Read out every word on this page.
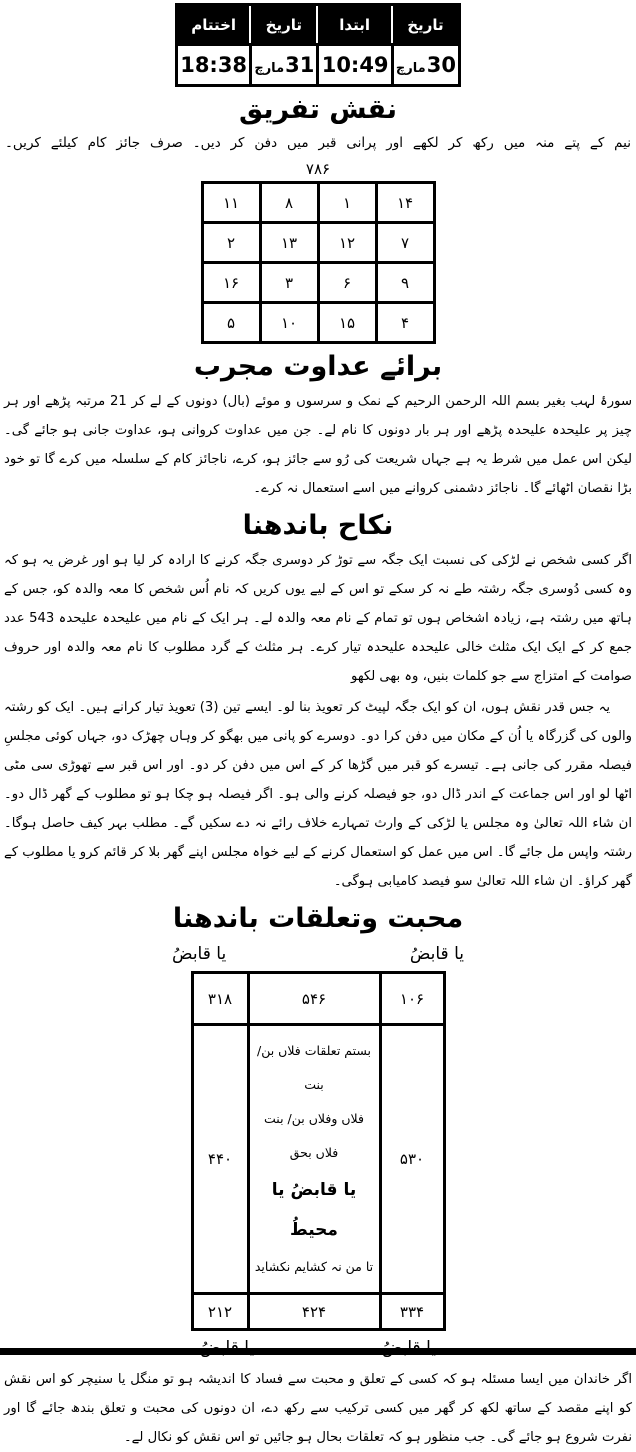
تاریخ	ابتدا	تاریخ	اختتام
30مارچ	10:49	31مارچ	18:38
نقش تفریق
نیم کے پتے منہ میں رکھ کر لکھے اور پرانی قبر میں دفن کر دیں۔ صرف جائز کام کیلئے کریں۔
۷۸۶
۱۴	۱	۸	۱۱
۷	۱۲	۱۳	۲
۹	۶	۳	۱۶
۴	۱۵	۱۰	۵
برائے عداوت مجرب

سورۂ لہب بغیر بسم اللہ الرحمن الرحیم کے نمک و سرسوں و موئے (بال) دونوں کے لے کر 21 مرتبہ پڑھے اور ہر چیز پر علیحدہ علیحدہ پڑھے اور ہر بار دونوں کا نام لے۔ جن میں عداوت کروانی ہو، عداوت جانی ہو جائے گی۔ لیکن اس عمل میں شرط یہ ہے جہاں شریعت کی رُو سے جائز ہو، کرے، ناجائز کام کے سلسلہ میں کرے گا تو خود بڑا نقصان اٹھائے گا۔ ناجائز دشمنی کروانے میں اسے استعمال نہ کرے۔

نکاح باندھنا

اگر کسی شخص نے لڑکی کی نسبت ایک جگہ سے توڑ کر دوسری جگہ کرنے کا ارادہ کر لیا ہو اور غرض یہ ہو کہ وہ کسی دُوسری جگہ رشتہ طے نہ کر سکے تو اس کے لیے یوں کریں کہ نام اُس شخص کا معہ والدہ کو، جس کے ہاتھ میں رشتہ ہے، زیادہ اشخاص ہوں تو تمام کے نام معہ والدہ لے۔ ہر ایک کے نام میں علیحدہ علیحدہ 543 عدد جمع کر کے ایک ایک مثلث خالی علیحدہ علیحدہ تیار کرے۔ ہر مثلث کے گرد مطلوب کا نام معہ والدہ اور حروف صوامت کے امتزاج سے جو کلمات بنیں، وہ بھی لکھو

یہ جس قدر نقش ہوں، ان کو ایک جگہ لپیٹ کر تعویذ بنا لو۔ ایسے تین (3) تعویذ تیار کرانے ہیں۔ ایک کو رشتہ والوں کی گزرگاہ یا اُن کے مکان میں دفن کرا دو۔ دوسرے کو پانی میں بھگو کر وہاں چھڑک دو، جہاں کوئی مجلسِ فیصلہ مقرر کی جانی ہے۔ تیسرے کو قبر میں گڑھا کر کے اس میں دفن کر دو۔ اور اس قبر سے تھوڑی سی مٹی اٹھا لو اور اس جماعت کے اندر ڈال دو، جو فیصلہ کرنے والی ہو۔ اگر فیصلہ ہو چکا ہو تو مطلوب کے گھر ڈال دو۔ ان شاء اللہ تعالیٰ وہ مجلس یا لڑکی کے وارث تمہارے خلاف رائے نہ دے سکیں گے۔ مطلب بہر کیف حاصل ہوگا۔ رشتہ واپس مل جائے گا۔ اس میں عمل کو استعمال کرنے کے لیے خواہ مجلس اپنے گھر بلا کر قائم کرو یا مطلوب کے گھر کراؤ۔ ان شاء اللہ تعالیٰ سو فیصد کامیابی ہوگی۔

محبت وتعلقات باندھنا
یا قابضُ
یا قابضُ
۱۰۶	۵۴۶	۳۱۸
۵۳۰	بستم تعلقات فلاں بن/ بنت
فلاں وفلاں بن/ بنت فلاں بحق
یا قابضُ یا محیطُ
تا من نہ کشایم نکشاید	۴۴۰
۳۳۴	۴۲۴	۲۱۲

اگر خاندان میں ایسا مسئلہ ہو کہ کسی کے تعلق و محبت سے فساد کا اندیشہ ہو تو منگل یا سنیچر کو اس نقش کو اپنے مقصد کے ساتھ لکھ کر گھر میں کسی ترکیب سے رکھ دے، ان دونوں کی محبت و تعلق بندھ جائے گا اور نفرت شروع ہو جائے گی۔ جب منظور ہو کہ تعلقات بحال ہو جائیں تو اس نقش کو نکال لے۔
